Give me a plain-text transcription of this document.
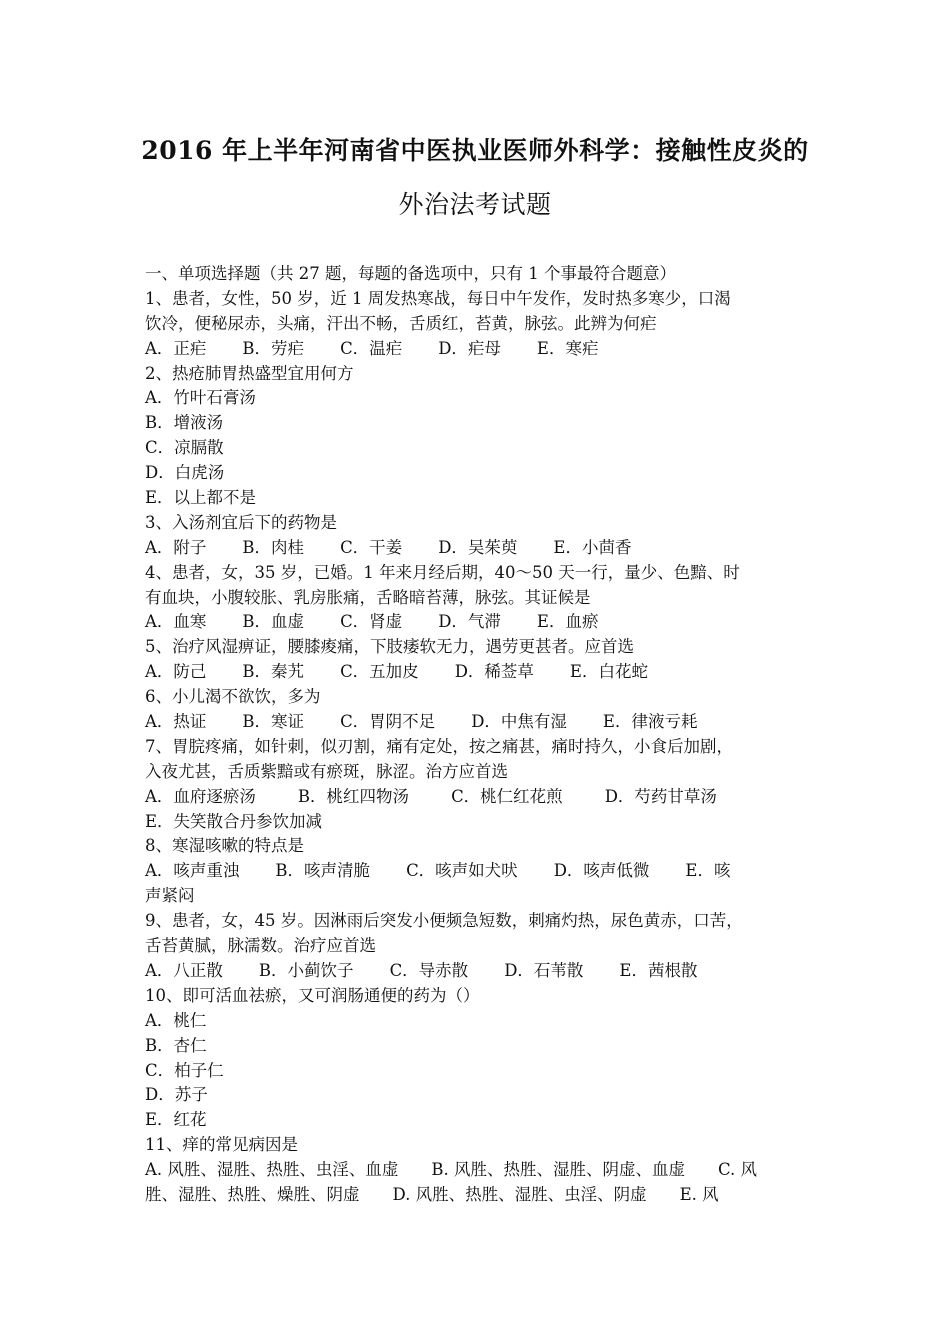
2016 年上半年河南省中医执业医师外科学：接触性皮炎的
外治法考试题
一、单项选择题（共 27 题，每题的备选项中，只有 1 个事最符合题意）
1、患者，女性，50 岁，近 1 周发热寒战，每日中午发作，发时热多寒少，口渴
饮冷，便秘尿赤，头痛，汗出不畅，舌质红，苔黄，脉弦。此辨为何疟
A．正疟 B．劳疟 C．温疟 D．疟母 E．寒疟
2、热疮肺胃热盛型宜用何方
A．竹叶石膏汤
B．增液汤
C．凉膈散
D．白虎汤
E．以上都不是
3、入汤剂宜后下的药物是
A．附子 B．肉桂 C．干姜 D．吴茱萸 E．小茴香
4、患者，女，35 岁，已婚。1 年来月经后期，40～50 天一行，量少、色黯、时
有血块，小腹较胀、乳房胀痛，舌略暗苔薄，脉弦。其证候是
A．血寒 B．血虚 C．肾虚 D．气滞 E．血瘀
5、治疗风湿痹证，腰膝痠痛，下肢痿软无力，遇劳更甚者。应首选
A．防己 B．秦艽 C．五加皮 D．稀莶草 E．白花蛇
6、小儿渴不欲饮，多为
A．热证 B．寒证 C．胃阴不足 D．中焦有湿 E．律液亏耗
7、胃脘疼痛，如针刺，似刃割，痛有定处，按之痛甚，痛时持久，小食后加剧，
入夜尤甚，舌质紫黯或有瘀斑，脉涩。治方应首选
A．血府逐瘀汤	B．桃红四物汤	C．桃仁红花煎	D．芍药甘草汤
E．失笑散合丹参饮加减
8、寒湿咳嗽的特点是
A．咳声重浊 B．咳声清脆 C．咳声如犬吠 D．咳声低微 E．咳
声紧闷
9、患者，女，45 岁。因淋雨后突发小便频急短数，刺痛灼热，尿色黄赤，口苦，
舌苔黄腻，脉濡数。治疗应首选
A．八正散 B．小蓟饮子 C．导赤散 D．石苇散 E．茜根散
10、即可活血祛瘀，又可润肠通便的药为（）
A．桃仁
B．杏仁
C．柏子仁
D．苏子
E．红花
11、痒的常见病因是
A. 风胜、湿胜、热胜、虫淫、血虚　　B. 风胜、热胜、湿胜、阴虚、血虚　　C. 风
胜、湿胜、热胜、燥胜、阴虚　　D. 风胜、热胜、湿胜、虫淫、阴虚　　E. 风
